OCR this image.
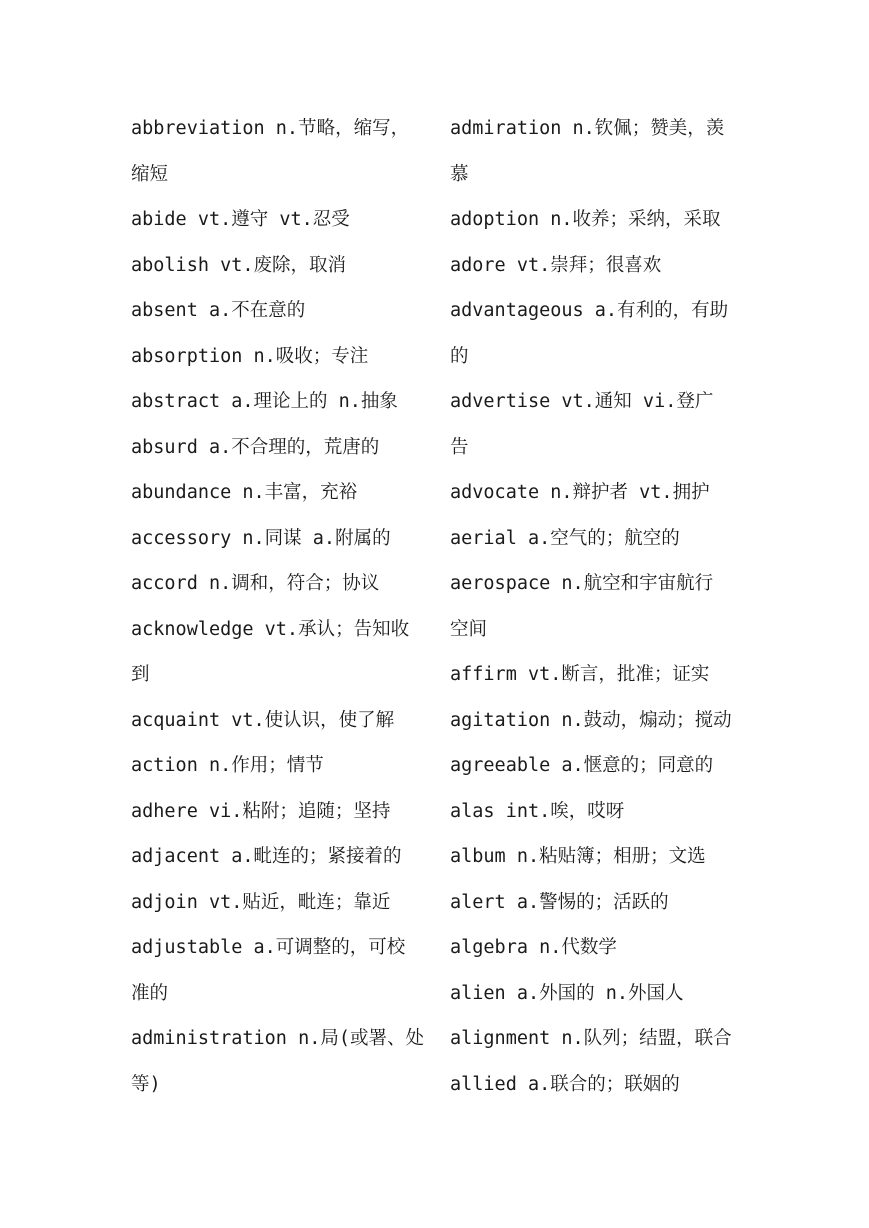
abbreviation n.节略，缩写，
缩短
abide vt.遵守 vt.忍受
abolish vt.废除，取消
absent a.不在意的
absorption n.吸收；专注
abstract a.理论上的 n.抽象
absurd a.不合理的，荒唐的
abundance n.丰富，充裕
accessory n.同谋 a.附属的
accord n.调和，符合；协议
acknowledge vt.承认；告知收
到
acquaint vt.使认识，使了解
action n.作用；情节
adhere vi.粘附；追随；坚持
adjacent a.毗连的；紧接着的
adjoin vt.贴近，毗连；靠近
adjustable a.可调整的，可校
准的
administration n.局(或署、处
等)
admiration n.钦佩；赞美，羡
慕
adoption n.收养；采纳，采取
adore vt.崇拜；很喜欢
advantageous a.有利的，有助
的
advertise vt.通知 vi.登广
告
advocate n.辩护者 vt.拥护
aerial a.空气的；航空的
aerospace n.航空和宇宙航行
空间
affirm vt.断言，批准；证实
agitation n.鼓动，煽动；搅动
agreeable a.惬意的；同意的
alas int.唉，哎呀
album n.粘贴簿；相册；文选
alert a.警惕的；活跃的
algebra n.代数学
alien a.外国的 n.外国人
alignment n.队列；结盟，联合
allied a.联合的；联姻的
